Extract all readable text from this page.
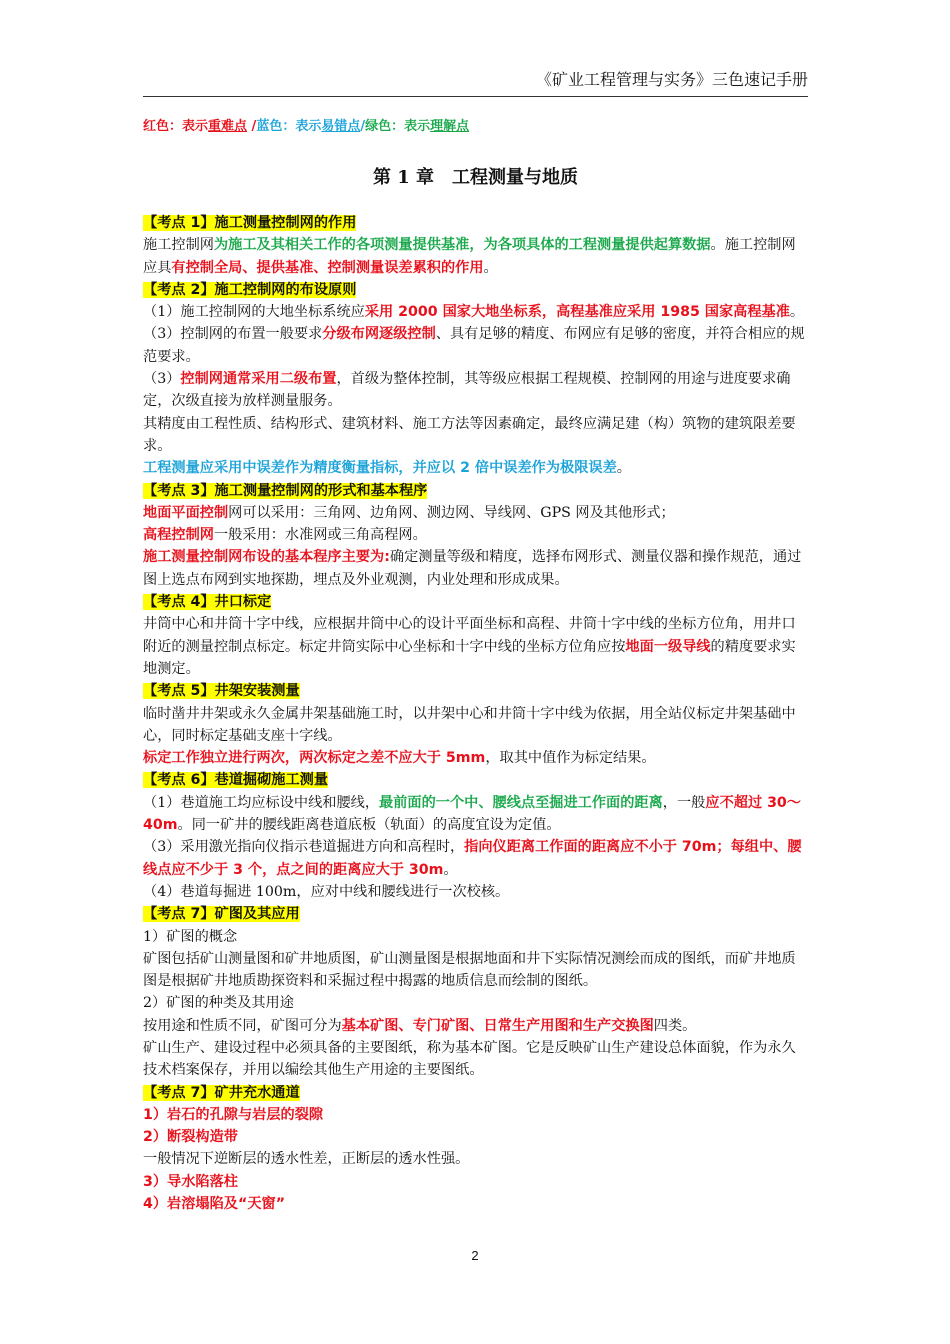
《矿业工程管理与实务》三色速记手册
红色：表示重难点 /蓝色：表示易错点/绿色：表示理解点
第 1 章　工程测量与地质

【考点 1】施工测量控制网的作用

施工控制网为施工及其相关工作的各项测量提供基准，为各项具体的工程测量提供起算数据。施工控制网应具有控制全局、提供基准、控制测量误差累积的作用。

【考点 2】施工控制网的布设原则

（1）施工控制网的大地坐标系统应采用 2000 国家大地坐标系，高程基准应采用 1985 国家高程基准。

（3）控制网的布置一般要求分级布网逐级控制、具有足够的精度、布网应有足够的密度，并符合相应的规范要求。

（3）控制网通常采用二级布置，首级为整体控制，其等级应根据工程规模、控制网的用途与进度要求确定，次级直接为放样测量服务。

其精度由工程性质、结构形式、建筑材料、施工方法等因素确定，最终应满足建（构）筑物的建筑限差要求。

工程测量应采用中误差作为精度衡量指标，并应以 2 倍中误差作为极限误差。

【考点 3】施工测量控制网的形式和基本程序

地面平面控制网可以采用：三角网、边角网、测边网、导线网、GPS 网及其他形式；

高程控制网一般采用：水准网或三角高程网。

施工测量控制网布设的基本程序主要为:确定测量等级和精度，选择布网形式、测量仪器和操作规范，通过图上选点布网到实地探勘，埋点及外业观测，内业处理和形成成果。

【考点 4】井口标定

井筒中心和井筒十字中线，应根据井筒中心的设计平面坐标和高程、井筒十字中线的坐标方位角，用井口附近的测量控制点标定。标定井筒实际中心坐标和十字中线的坐标方位角应按地面一级导线的精度要求实地测定。

【考点 5】井架安装测量

临时凿井井架或永久金属井架基础施工时，以井架中心和井筒十字中线为依据，用全站仪标定井架基础中心，同时标定基础支座十字线。

标定工作独立进行两次，两次标定之差不应大于 5mm，取其中值作为标定结果。

【考点 6】巷道掘砌施工测量

（1）巷道施工均应标设中线和腰线，最前面的一个中、腰线点至掘进工作面的距离，一般应不超过 30～40m。同一矿井的腰线距离巷道底板（轨面）的高度宜设为定值。

（3）采用激光指向仪指示巷道掘进方向和高程时，指向仪距离工作面的距离应不小于 70m；每组中、腰线点应不少于 3 个，点之间的距离应大于 30m。

（4）巷道每掘进 100m，应对中线和腰线进行一次校核。

【考点 7】矿图及其应用

1）矿图的概念

矿图包括矿山测量图和矿井地质图，矿山测量图是根据地面和井下实际情况测绘而成的图纸，而矿井地质图是根据矿井地质勘探资料和采掘过程中揭露的地质信息而绘制的图纸。

2）矿图的种类及其用途

按用途和性质不同，矿图可分为基本矿图、专门矿图、日常生产用图和生产交换图四类。

矿山生产、建设过程中必须具备的主要图纸，称为基本矿图。它是反映矿山生产建设总体面貌，作为永久技术档案保存，并用以编绘其他生产用途的主要图纸。

【考点 7】矿井充水通道

1）岩石的孔隙与岩层的裂隙

2）断裂构造带

一般情况下逆断层的透水性差，正断层的透水性强。

3）导水陷落柱

4）岩溶塌陷及“天窗”

2
